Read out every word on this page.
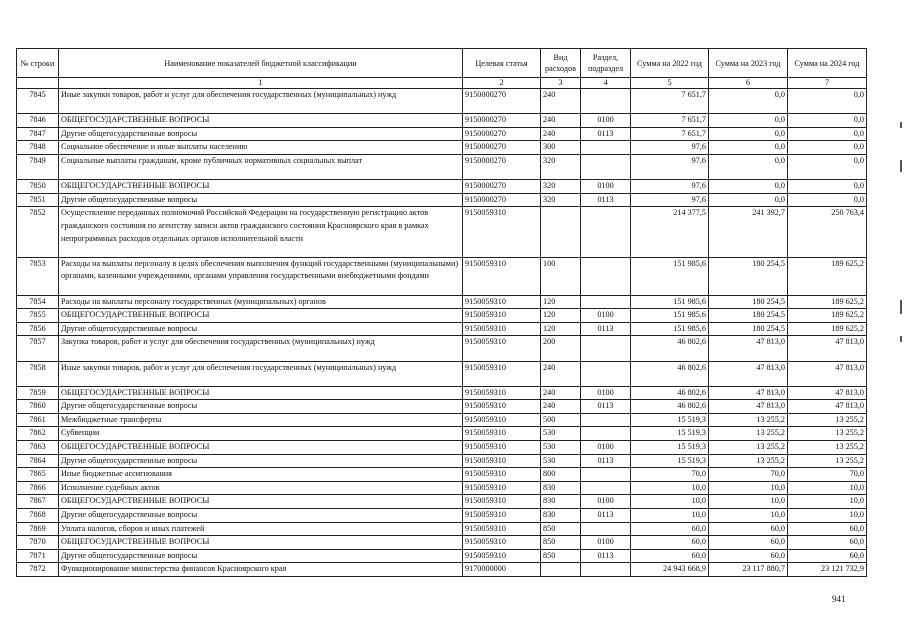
№ строки	Наименование показателей бюджетной классификации	Целевая статья	Вид расходов	Раздел, подраздел	Сумма на 2022 год	Сумма на 2023 год	Сумма на 2024 год
	1	2	3	4	5	6	7
7845	Иные закупки товаров, работ и услуг для обеспечения государственных (муниципальных) нужд	9150000270	240		7 651,7	0,0	0,0
7846	ОБЩЕГОСУДАРСТВЕННЫЕ ВОПРОСЫ	9150000270	240	0100	7 651,7	0,0	0,0
7847	Другие общегосударственные вопросы	9150000270	240	0113	7 651,7	0,0	0,0
7848	Социальное обеспечение и иные выплаты населению	9150000270	300		97,6	0,0	0,0
7849	Социальные выплаты гражданам, кроме публичных нормативных социальных выплат	9150000270	320		97,6	0,0	0,0
7850	ОБЩЕГОСУДАРСТВЕННЫЕ ВОПРОСЫ	9150000270	320	0100	97,6	0,0	0,0
7851	Другие общегосударственные вопросы	9150000270	320	0113	97,6	0,0	0,0
7852	Осуществление переданных полномочий Российской Федерации на государственную регистрацию актов гражданского состояния по агентству записи актов гражданского состояния Красноярского края в рамках непрограммных расходов отдельных органов исполнительной власти	9150059310			214 377,5	241 392,7	250 763,4
7853	Расходы на выплаты персоналу в целях обеспечения выполнения функций государственными (муниципальными) органами, казенными учреждениями, органами управления государственными внебюджетными фондами	9150059310	100		151 985,6	180 254,5	189 625,2
7854	Расходы на выплаты персоналу государственных (муниципальных) органов	9150059310	120		151 985,6	180 254,5	189 625,2
7855	ОБЩЕГОСУДАРСТВЕННЫЕ ВОПРОСЫ	9150059310	120	0100	151 985,6	180 254,5	189 625,2
7856	Другие общегосударственные вопросы	9150059310	120	0113	151 985,6	180 254,5	189 625,2
7857	Закупка товаров, работ и услуг для обеспечения государственных (муниципальных) нужд	9150059310	200		46 802,6	47 813,0	47 813,0
7858	Иные закупки товаров, работ и услуг для обеспечения государственных (муниципальных) нужд	9150059310	240		46 802,6	47 813,0	47 813,0
7859	ОБЩЕГОСУДАРСТВЕННЫЕ ВОПРОСЫ	9150059310	240	0100	46 802,6	47 813,0	47 813,0
7860	Другие общегосударственные вопросы	9150059310	240	0113	46 802,6	47 813,0	47 813,0
7861	Межбюджетные трансферты	9150059310	500		15 519,3	13 255,2	13 255,2
7862	Субвенции	9150059310	530		15 519,3	13 255,2	13 255,2
7863	ОБЩЕГОСУДАРСТВЕННЫЕ ВОПРОСЫ	9150059310	530	0100	15 519,3	13 255,2	13 255,2
7864	Другие общегосударственные вопросы	9150059310	530	0113	15 519,3	13 255,2	13 255,2
7865	Иные бюджетные ассигнования	9150059310	800		70,0	70,0	70,0
7866	Исполнение судебных актов	9150059310	830		10,0	10,0	10,0
7867	ОБЩЕГОСУДАРСТВЕННЫЕ ВОПРОСЫ	9150059310	830	0100	10,0	10,0	10,0
7868	Другие общегосударственные вопросы	9150059310	830	0113	10,0	10,0	10,0
7869	Уплата налогов, сборов и иных платежей	9150059310	850		60,0	60,0	60,0
7870	ОБЩЕГОСУДАРСТВЕННЫЕ ВОПРОСЫ	9150059310	850	0100	60,0	60,0	60,0
7871	Другие общегосударственные вопросы	9150059310	850	0113	60,0	60,0	60,0
7872	Функционирование министерства финансов Красноярского края	9170000000			24 943 668,9	23 117 880,7	23 121 732,9
941
